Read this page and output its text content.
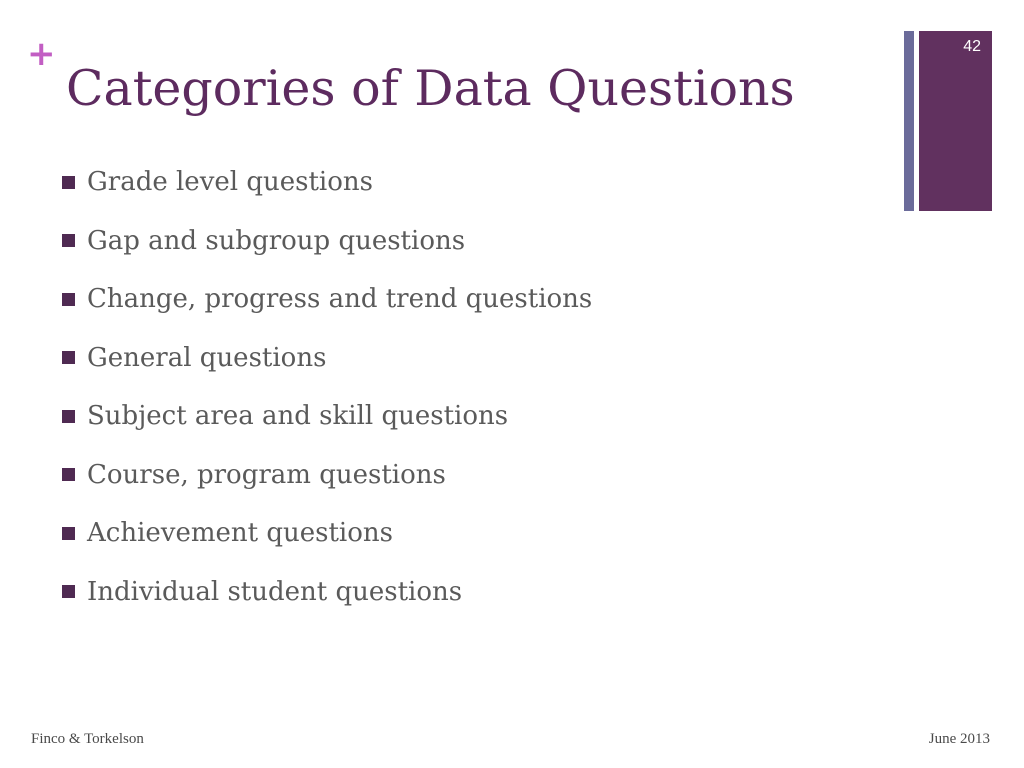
+
Categories of Data Questions
42
Grade level questions
Gap and subgroup questions
Change, progress and trend questions
General questions
Subject area and skill questions
Course, program questions
Achievement questions
Individual student questions
Finco & Torkelson	June 2013
